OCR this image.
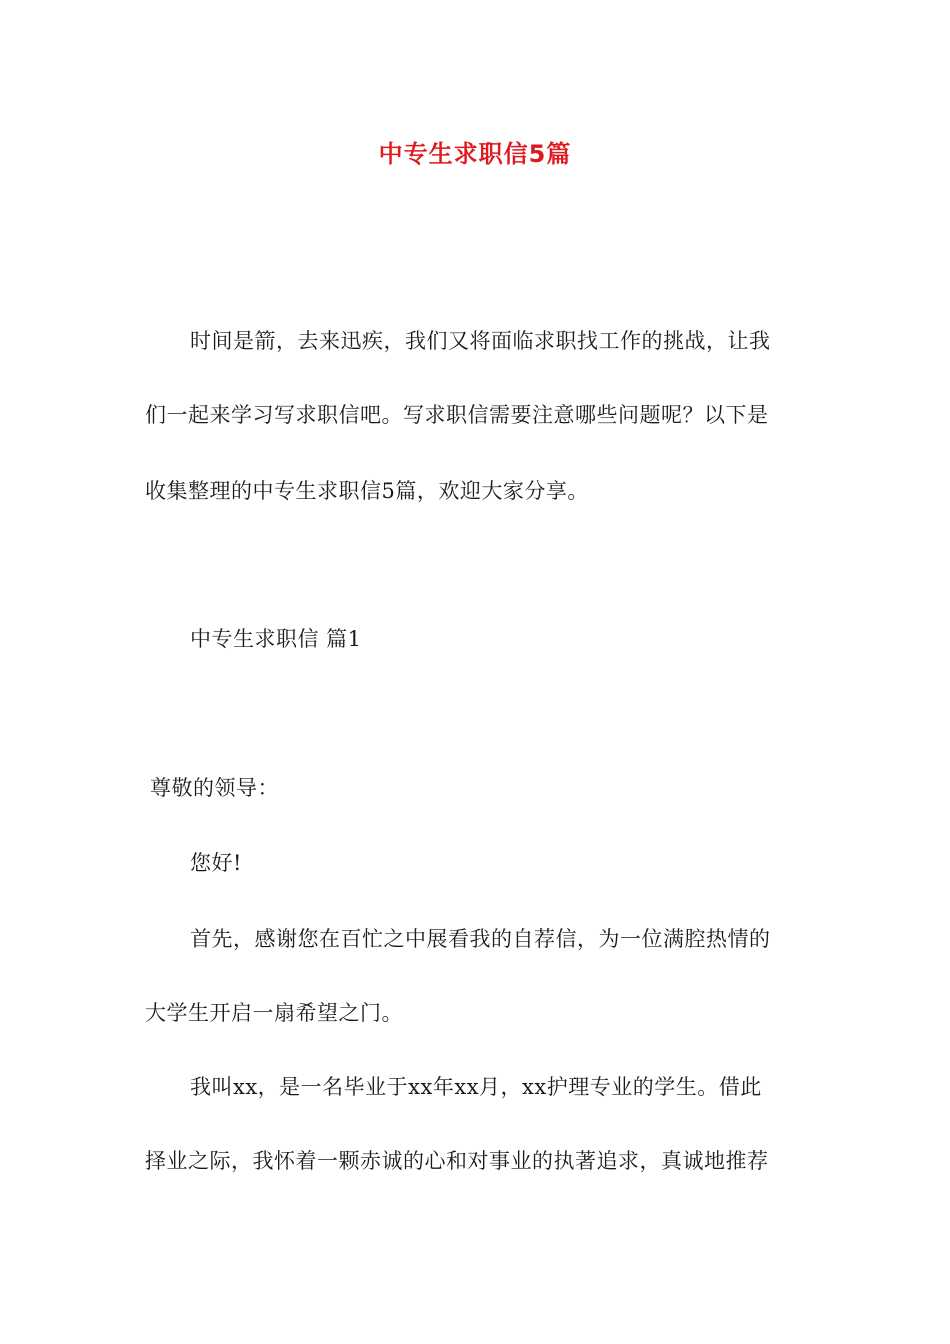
中专生求职信5篇
时间是箭，去来迅疾，我们又将面临求职找工作的挑战，让我
们一起来学习写求职信吧。写求职信需要注意哪些问题呢？以下是
收集整理的中专生求职信5篇，欢迎大家分享。
中专生求职信 篇1
尊敬的领导：
您好!
首先，感谢您在百忙之中展看我的自荐信，为一位满腔热情的
大学生开启一扇希望之门。
我叫xx，是一名毕业于xx年xx月，xx护理专业的学生。借此
择业之际，我怀着一颗赤诚的心和对事业的执著追求，真诚地推荐
